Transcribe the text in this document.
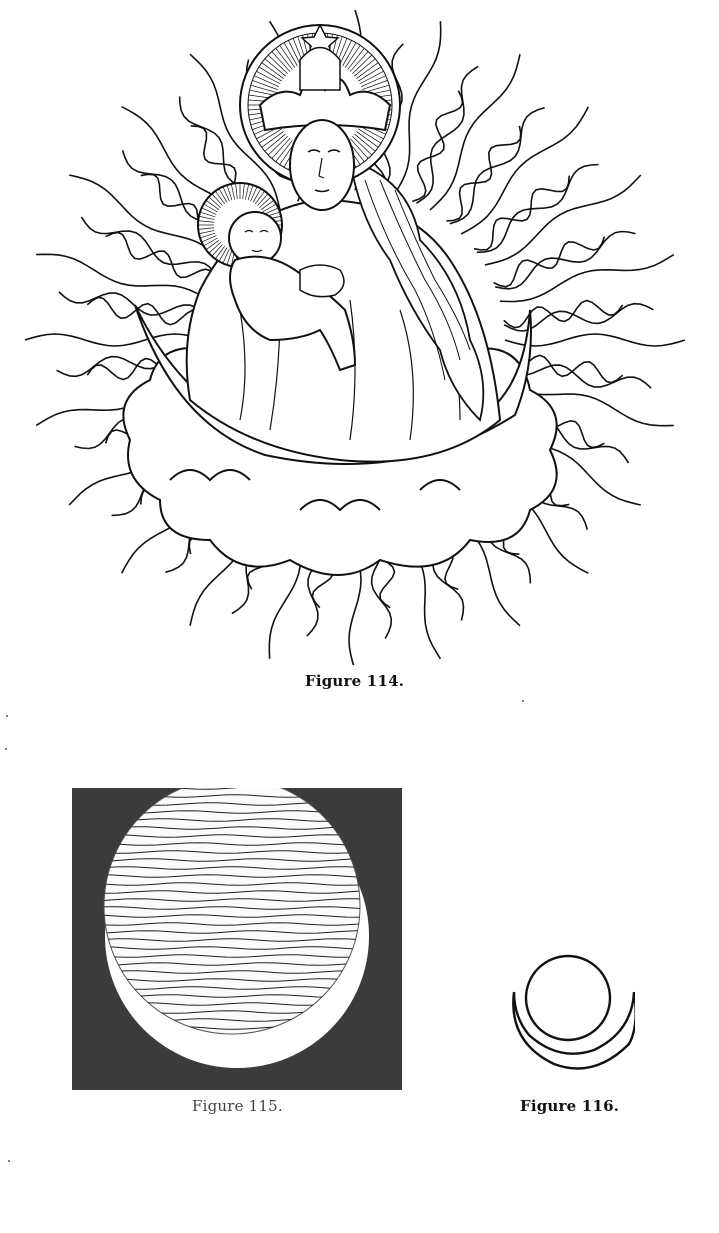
Figure 114.
Figure 115.	Figure 116.
